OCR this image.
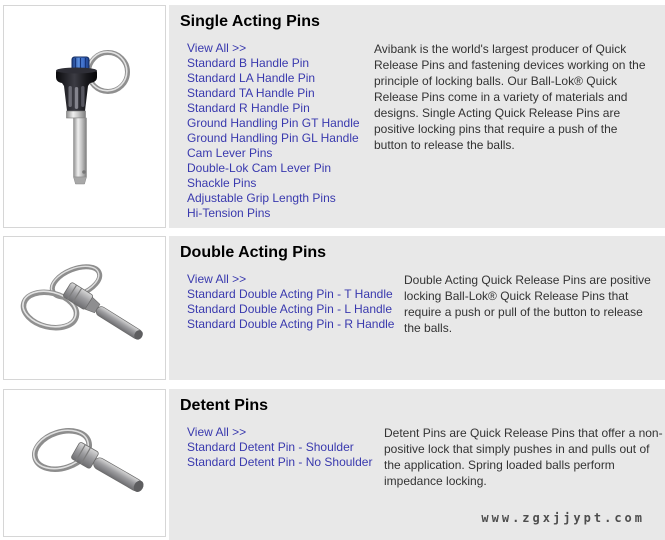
Single Acting Pins
View All >>
Standard B Handle Pin
Standard LA Handle Pin
Standard TA Handle Pin
Standard R Handle Pin
Ground Handling Pin GT Handle
Ground Handling Pin GL Handle
Cam Lever Pins
Double-Lok Cam Lever Pin
Shackle Pins
Adjustable Grip Length Pins
Hi-Tension Pins

Avibank is the world's largest producer of Quick Release Pins and fastening devices working on the principle of locking balls. Our Ball-Lok® Quick Release Pins come in a variety of materials and designs. Single Acting Quick Release Pins are positive locking pins that require a push of the button to release the balls.

Double Acting Pins
View All >>
Standard Double Acting Pin - T Handle
Standard Double Acting Pin - L Handle
Standard Double Acting Pin - R Handle

Double Acting Quick Release Pins are positive locking Ball-Lok® Quick Release Pins that require a push or pull of the button to release the balls.

Detent Pins
View All >>
Standard Detent Pin - Shoulder
Standard Detent Pin - No Shoulder

Detent Pins are Quick Release Pins that offer a non-positive lock that simply pushes in and pulls out of the application. Spring loaded balls perform impedance locking.

www.zgxjjypt.com
